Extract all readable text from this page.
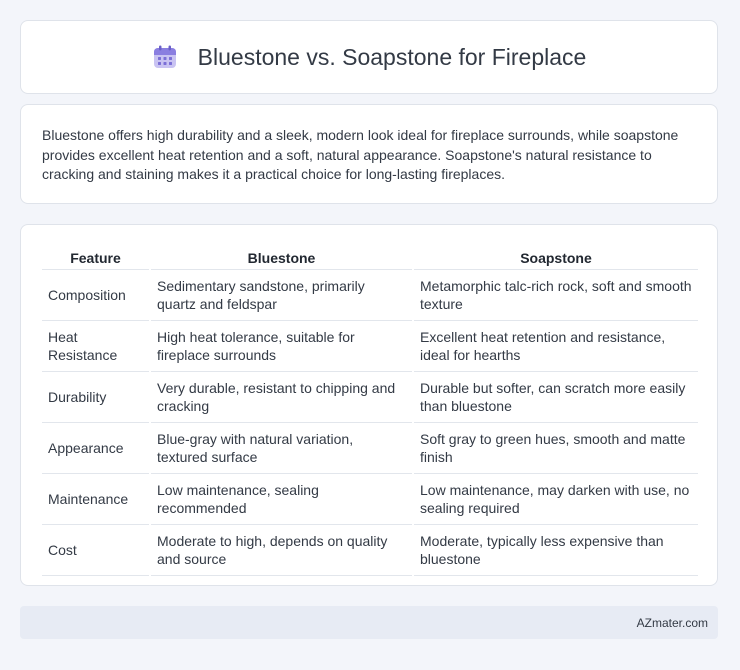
Bluestone vs. Soapstone for Fireplace

Bluestone offers high durability and a sleek, modern look ideal for fireplace surrounds, while soapstone provides excellent heat retention and a soft, natural appearance. Soapstone's natural resistance to cracking and staining makes it a practical choice for long-lasting fireplaces.

Feature	Bluestone	Soapstone
Composition	Sedimentary sandstone, primarily quartz and feldspar	Metamorphic talc-rich rock, soft and smooth texture
Heat Resistance	High heat tolerance, suitable for fireplace surrounds	Excellent heat retention and resistance, ideal for hearths
Durability	Very durable, resistant to chipping and cracking	Durable but softer, can scratch more easily than bluestone
Appearance	Blue-gray with natural variation, textured surface	Soft gray to green hues, smooth and matte finish
Maintenance	Low maintenance, sealing recommended	Low maintenance, may darken with use, no sealing required
Cost	Moderate to high, depends on quality and source	Moderate, typically less expensive than bluestone
AZmater.com
